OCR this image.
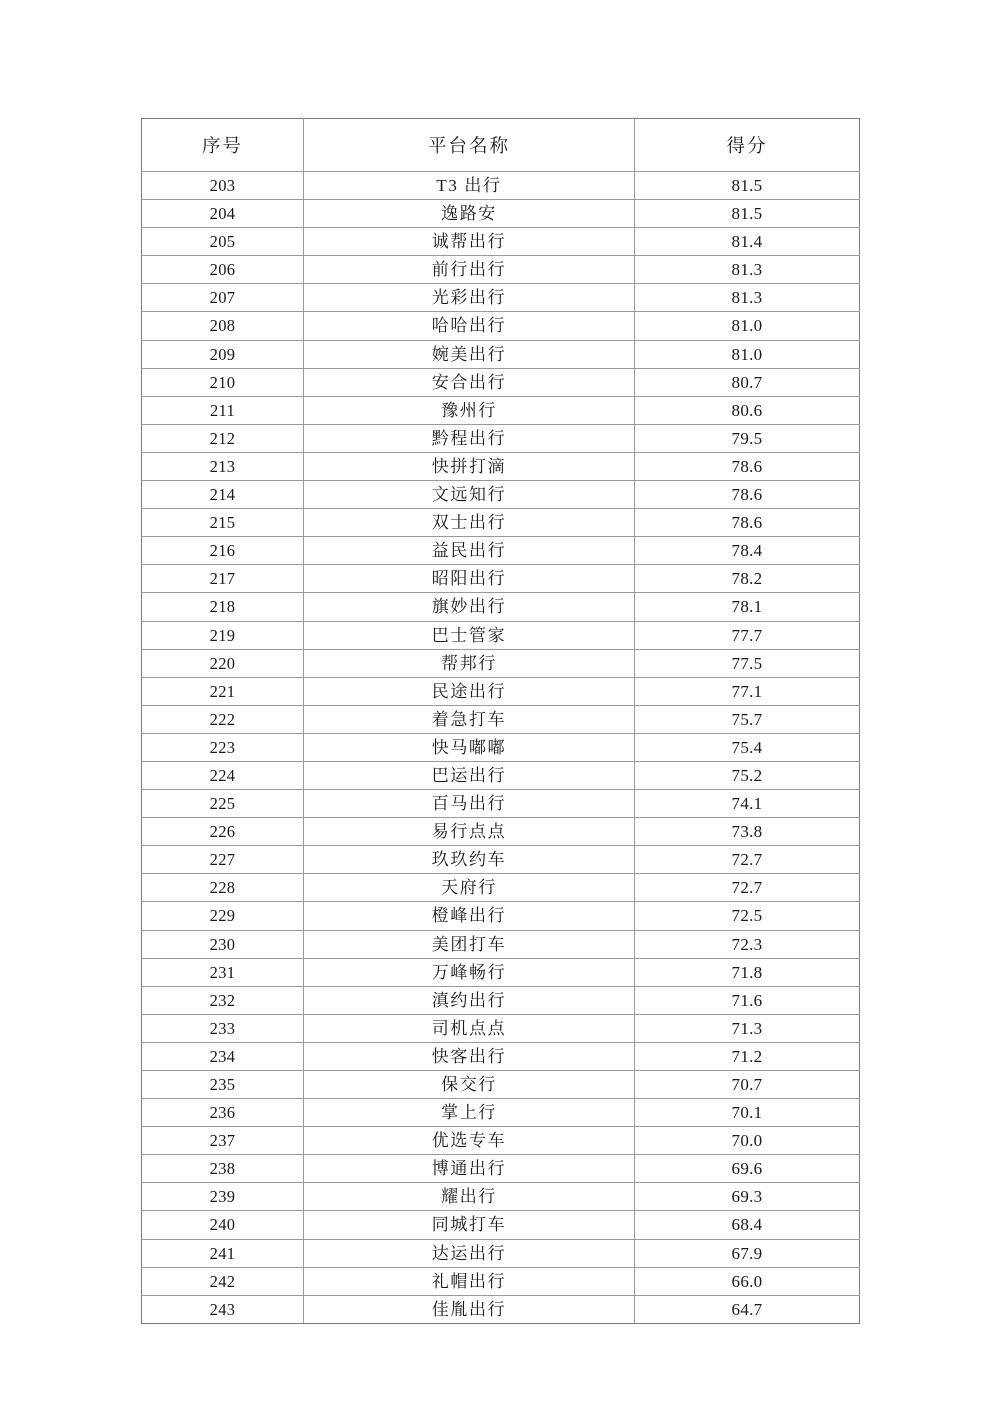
序号	平台名称	得分
203	T3 出行	81.5
204	逸路安	81.5
205	诚帮出行	81.4
206	前行出行	81.3
207	光彩出行	81.3
208	哈哈出行	81.0
209	婉美出行	81.0
210	安合出行	80.7
211	豫州行	80.6
212	黔程出行	79.5
213	快拼打滴	78.6
214	文远知行	78.6
215	双士出行	78.6
216	益民出行	78.4
217	昭阳出行	78.2
218	旗妙出行	78.1
219	巴士管家	77.7
220	帮邦行	77.5
221	民途出行	77.1
222	着急打车	75.7
223	快马嘟嘟	75.4
224	巴运出行	75.2
225	百马出行	74.1
226	易行点点	73.8
227	玖玖约车	72.7
228	天府行	72.7
229	橙峰出行	72.5
230	美团打车	72.3
231	万峰畅行	71.8
232	滇约出行	71.6
233	司机点点	71.3
234	快客出行	71.2
235	保交行	70.7
236	掌上行	70.1
237	优选专车	70.0
238	博通出行	69.6
239	耀出行	69.3
240	同城打车	68.4
241	达运出行	67.9
242	礼帽出行	66.0
243	佳胤出行	64.7
